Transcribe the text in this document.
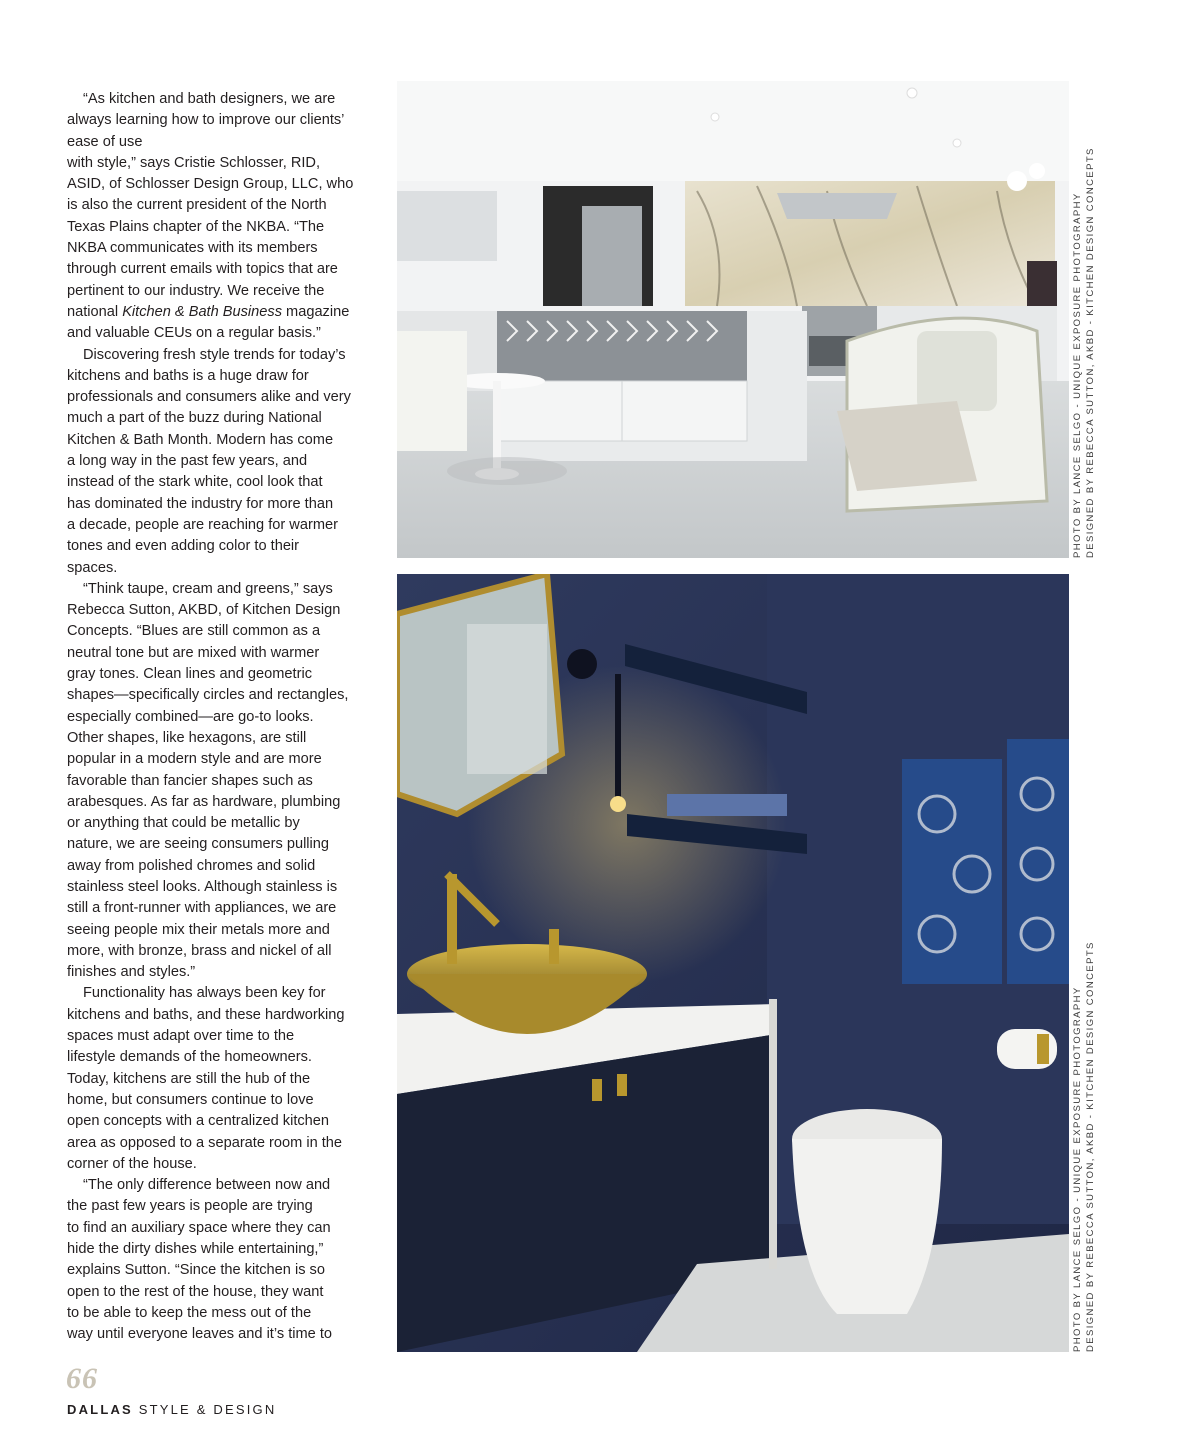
“As kitchen and bath designers, we are
always learning how to improve our clients’
ease of use
with style,” says Cristie Schlosser, RID,
ASID, of Schlosser Design Group, LLC, who
is also the current president of the North
Texas Plains chapter of the NKBA. “The
NKBA communicates with its members
through current emails with topics that are
pertinent to our industry. We receive the
national Kitchen & Bath Business magazine
and valuable CEUs on a regular basis.”
Discovering fresh style trends for today’s
kitchens and baths is a huge draw for
professionals and consumers alike and very
much a part of the buzz during National
Kitchen & Bath Month. Modern has come
a long way in the past few years, and
instead of the stark white, cool look that
has dominated the industry for more than
a decade, people are reaching for warmer
tones and even adding color to their
spaces.
“Think taupe, cream and greens,” says
Rebecca Sutton, AKBD, of Kitchen Design
Concepts. “Blues are still common as a
neutral tone but are mixed with warmer
gray tones. Clean lines and geometric
shapes—specifically circles and rectangles,
especially combined—are go-to looks.
Other shapes, like hexagons, are still
popular in a modern style and are more
favorable than fancier shapes such as
arabesques. As far as hardware, plumbing
or anything that could be metallic by
nature, we are seeing consumers pulling
away from polished chromes and solid
stainless steel looks. Although stainless is
still a front-runner with appliances, we are
seeing people mix their metals more and
more, with bronze, brass and nickel of all
finishes and styles.”
Functionality has always been key for
kitchens and baths, and these hardworking
spaces must adapt over time to the
lifestyle demands of the homeowners.
Today, kitchens are still the hub of the
home, but consumers continue to love
open concepts with a centralized kitchen
area as opposed to a separate room in the
corner of the house.
“The only difference between now and
the past few years is people are trying
to find an auxiliary space where they can
hide the dirty dishes while entertaining,”
explains Sutton. “Since the kitchen is so
open to the rest of the house, they want
to be able to keep the mess out of the
way until everyone leaves and it’s time to
PHOTO BY LANCE SELGO - UNIQUE EXPOSURE PHOTOGRAPHY DESIGNED BY REBECCA SUTTON, AKBD - KITCHEN DESIGN CONCEPTS
PHOTO BY LANCE SELGO - UNIQUE EXPOSURE PHOTOGRAPHY DESIGNED BY REBECCA SUTTON, AKBD - KITCHEN DESIGN CONCEPTS
66
DALLAS STYLE & DESIGN
